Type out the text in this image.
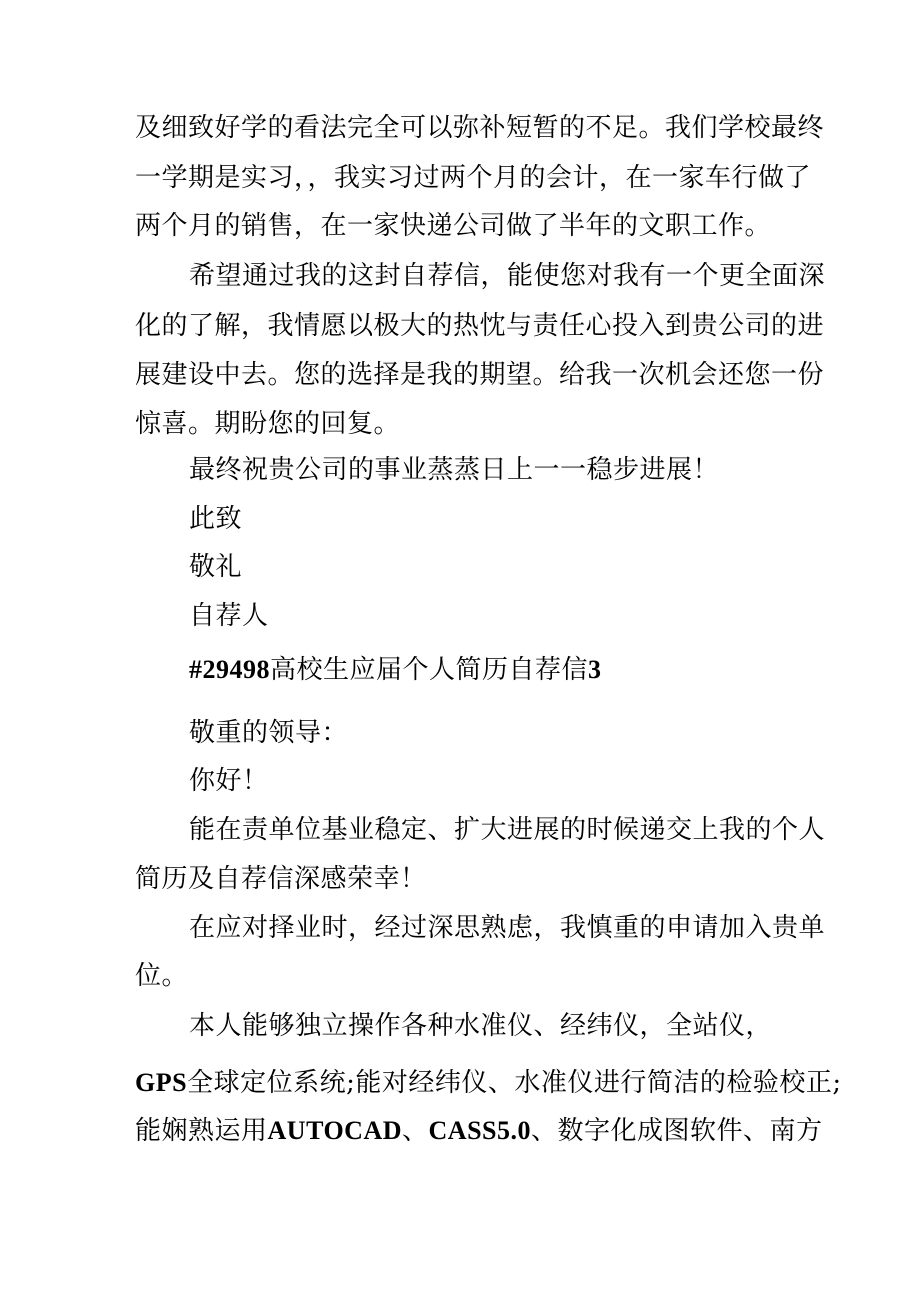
及细致好学的看法完全可以弥补短暂的不足。我们学校最终
一学期是实习，，我实习过两个月的会计，在一家车行做了
两个月的销售，在一家快递公司做了半年的文职工作。
希望通过我的这封自荐信，能使您对我有一个更全面深
化的了解，我情愿以极大的热忱与责任心投入到贵公司的进
展建设中去。您的选择是我的期望。给我一次机会还您一份
惊喜。期盼您的回复。
最终祝贵公司的事业蒸蒸日上一一稳步进展！
此致
敬礼
自荐人
#29498高校生应届个人简历自荐信3
敬重的领导：
你好！
能在责单位基业稳定、扩大进展的时候递交上我的个人
简历及自荐信深感荣幸！
在应对择业时，经过深思熟虑，我慎重的申请加入贵单
位。
本人能够独立操作各种水准仪、经纬仪，全站仪，
GPS全球定位系统;能对经纬仪、水准仪进行简洁的检验校正;
能娴熟运用AUTOCAD、CASS5.0、数字化成图软件、南方
